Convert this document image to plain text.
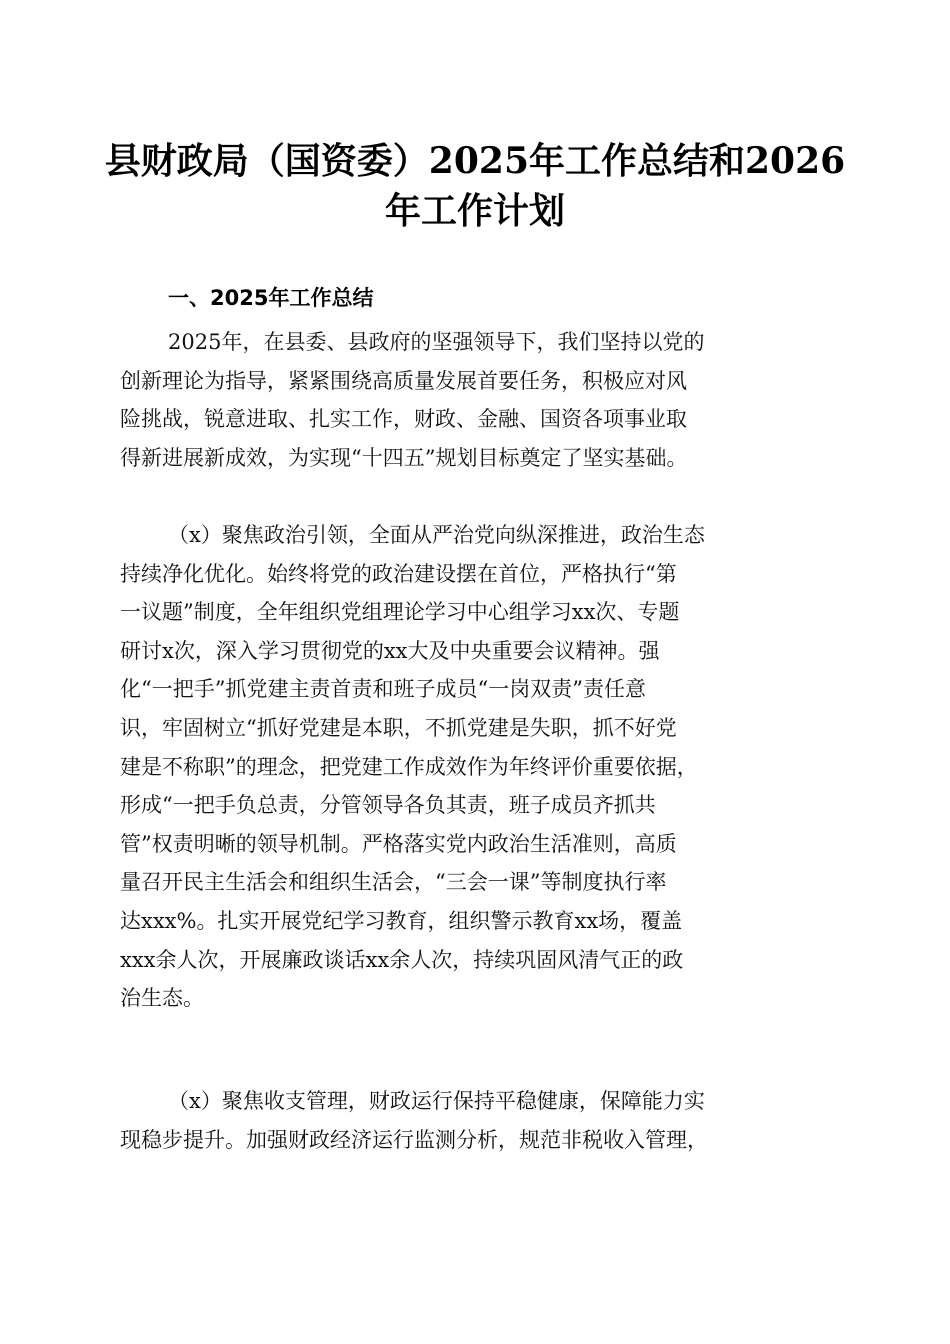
县财政局（国资委）2025年工作总结和2026
年工作计划
一、2025年工作总结
2025年，在县委、县政府的坚强领导下，我们坚持以党的
创新理论为指导，紧紧围绕高质量发展首要任务，积极应对风
险挑战，锐意进取、扎实工作，财政、金融、国资各项事业取
得新进展新成效，为实现“十四五”规划目标奠定了坚实基础。
（x）聚焦政治引领，全面从严治党向纵深推进，政治生态
持续净化优化。始终将党的政治建设摆在首位，严格执行“第
一议题”制度，全年组织党组理论学习中心组学习xx次、专题
研讨x次，深入学习贯彻党的xx大及中央重要会议精神。强
化“一把手”抓党建主责首责和班子成员“一岗双责”责任意
识，牢固树立“抓好党建是本职，不抓党建是失职，抓不好党
建是不称职”的理念，把党建工作成效作为年终评价重要依据，
形成“一把手负总责，分管领导各负其责，班子成员齐抓共
管”权责明晰的领导机制。严格落实党内政治生活准则，高质
量召开民主生活会和组织生活会，“三会一课”等制度执行率
达xxx%。扎实开展党纪学习教育，组织警示教育xx场，覆盖
xxx余人次，开展廉政谈话xx余人次，持续巩固风清气正的政
治生态。
（x）聚焦收支管理，财政运行保持平稳健康，保障能力实
现稳步提升。加强财政经济运行监测分析，规范非税收入管理，
